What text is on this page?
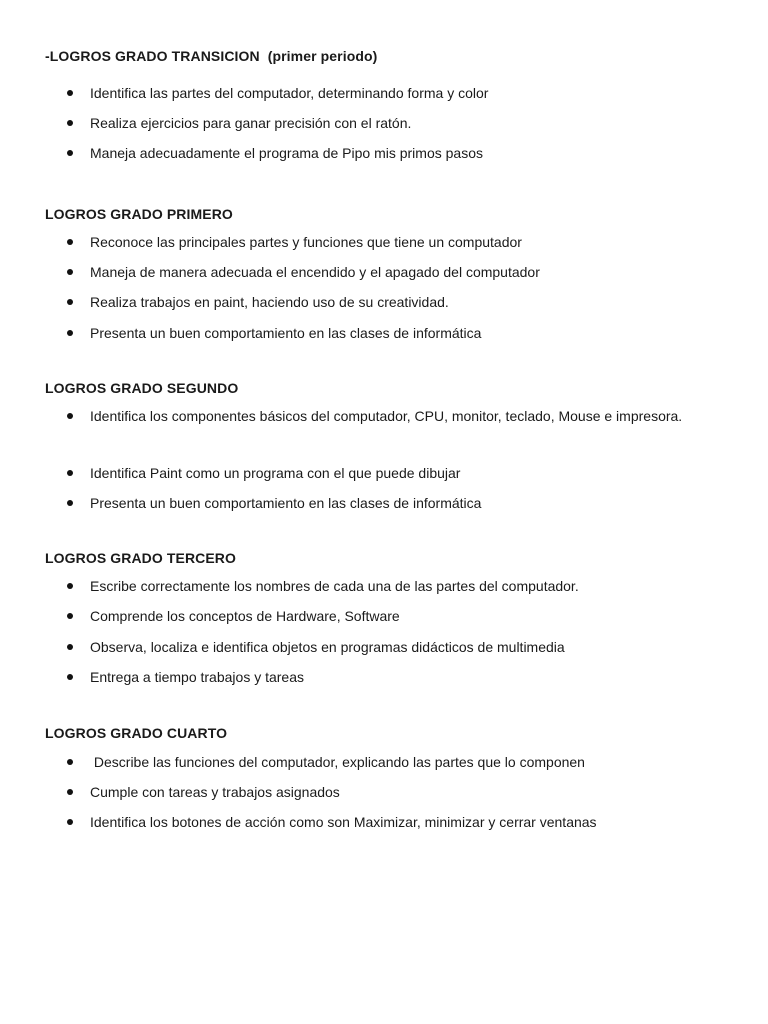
-LOGROS GRADO TRANSICION (primer periodo)
Identifica las partes del computador, determinando forma y color
Realiza ejercicios para ganar precisión con el ratón.
Maneja adecuadamente el programa de Pipo mis primos pasos
LOGROS GRADO PRIMERO
Reconoce las principales partes y funciones que tiene un computador
Maneja de manera adecuada el encendido y el apagado del computador
Realiza trabajos en paint, haciendo uso de su creatividad.
Presenta un buen comportamiento en las clases de informática
LOGROS GRADO SEGUNDO
Identifica los componentes básicos del computador, CPU, monitor, teclado, Mouse e impresora.
Identifica Paint como un programa con el que puede dibujar
Presenta un buen comportamiento en las clases de informática
LOGROS GRADO TERCERO
Escribe correctamente los nombres de cada una de las partes del computador.
Comprende los conceptos de Hardware, Software
Observa, localiza e identifica objetos en programas didácticos de multimedia
Entrega a tiempo trabajos y tareas
LOGROS GRADO CUARTO
Describe las funciones del computador, explicando las partes que lo componen
Cumple con tareas y trabajos asignados
Identifica los botones de acción como son Maximizar, minimizar y cerrar ventanas
